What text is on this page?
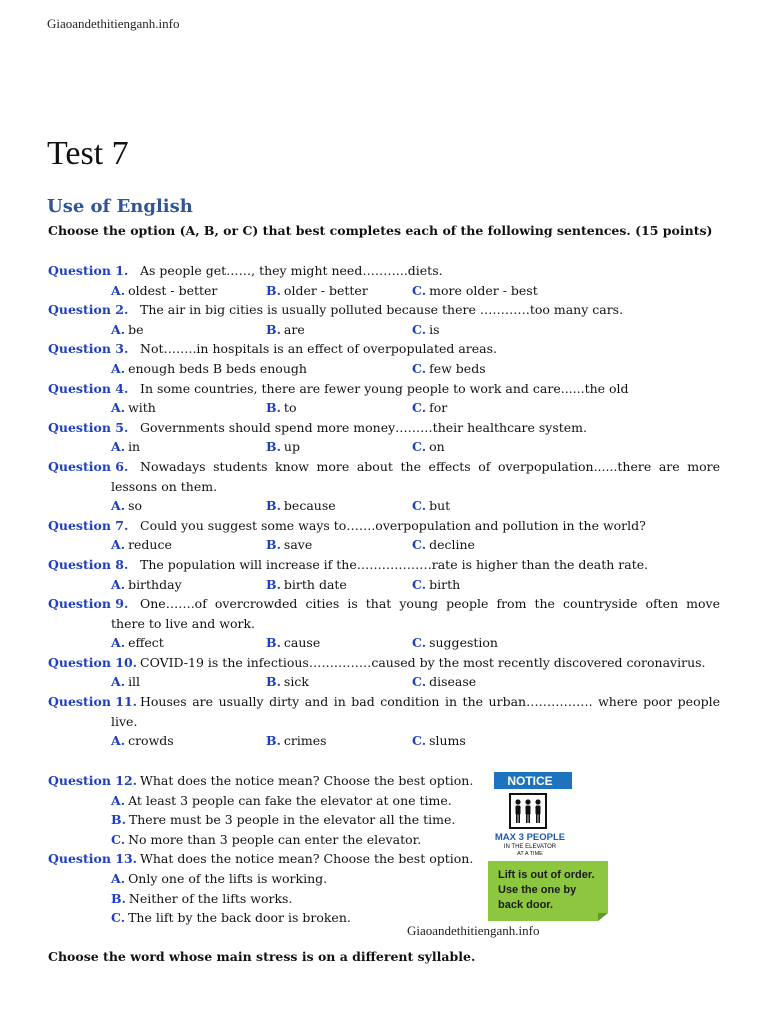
Giaoandethitienganh.info
Test 7
Use of English
Choose the option (A, B, or C) that best completes each of the following sentences. (15 points)
Question 1. As people get……, they might need………..diets.
A. oldest - better	B. older - better	C. more older - best
Question 2. The air in big cities is usually polluted because there …………too many cars.
A. be	B. are	C. is
Question 3. Not……..in hospitals is an effect of overpopulated areas.
A. enough beds B beds enough	C. few beds
Question 4. In some countries, there are fewer young people to work and care......the old
A. with	B. to	C. for
Question 5. Governments should spend more money………their healthcare system.
A. in	B. up	C. on
Question 6. Nowadays students know more about the effects of overpopulation......there are more
lessons on them.
A. so	B. because	C. but
Question 7. Could you suggest some ways to…….overpopulation and pollution in the world?
A. reduce	B. save	C. decline
Question 8. The population will increase if the………………rate is higher than the death rate.
A. birthday	B. birth date	C. birth
Question 9. One…….of overcrowded cities is that young people from the countryside often move
there to live and work.
A. effect	B. cause	C. suggestion
Question 10. COVID-19 is the infectious……………caused by the most recently discovered coronavirus.
A. ill	B. sick	C. disease
Question 11. Houses are usually dirty and in bad condition in the urban……………. where poor people
live.
A. crowds	B. crimes	C. slums
Question 12. What does the notice mean? Choose the best option.
A. At least 3 people can fake the elevator at one time.
B. There must be 3 people in the elevator all the time.
C. No more than 3 people can enter the elevator.
Question 13. What does the notice mean? Choose the best option.
A. Only one of the lifts is working.
B. Neither of the lifts works.
C. The lift by the back door is broken.
NOTICE
MAX 3 PEOPLE
IN THE ELEVATOR
AT A TIME
Lift is out of order.
Use the one by
back door.
Giaoandethitienganh.info
Choose the word whose main stress is on a different syllable.
